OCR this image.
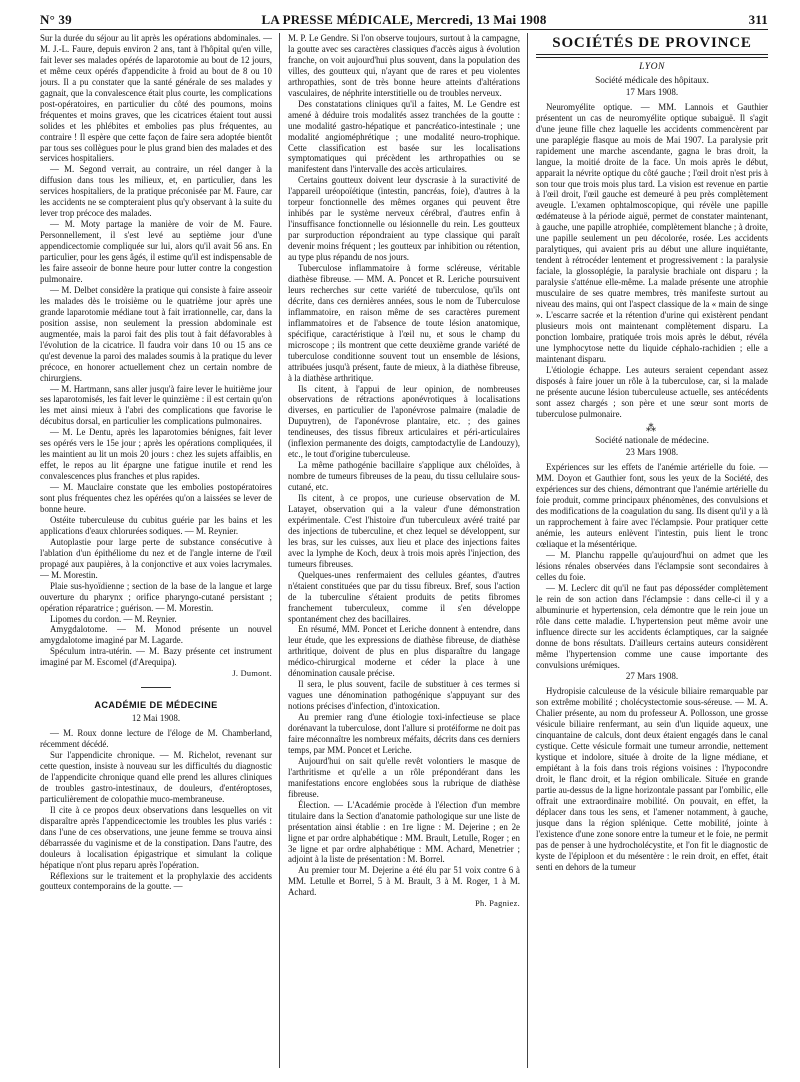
N° 39	LA PRESSE MÉDICALE, Mercredi, 13 Mai 1908	311

Sur la durée du séjour au lit après les opérations abdominales. — M. J.-L. Faure, depuis environ 2 ans, tant à l'hôpital qu'en ville, fait lever ses malades opérés de laparotomie au bout de 12 jours, et même ceux opérés d'appendicite à froid au bout de 8 ou 10 jours. Il a pu constater que la santé générale de ses malades y gagnait, que la convalescence était plus courte, les complications post-opératoires, en particulier du côté des poumons, moins fréquentes et moins graves, que les cicatrices étaient tout aussi solides et les phlébites et embolies pas plus fréquentes, au contraire ! Il espère que cette façon de faire sera adoptée bientôt par tous ses collègues pour le plus grand bien des malades et des services hospitaliers.

— M. Segond verrait, au contraire, un réel danger à la diffusion dans tous les milieux, et, en particulier, dans les services hospitaliers, de la pratique préconisée par M. Faure, car les accidents ne se compteraient plus qu'y observant à la suite du lever trop précoce des malades.

— M. Moty partage la manière de voir de M. Faure. Personnellement, il s'est levé au septième jour d'une appendicectomie compliquée sur lui, alors qu'il avait 56 ans. En particulier, pour les gens âgés, il estime qu'il est indispensable de les faire asseoir de bonne heure pour lutter contre la congestion pulmonaire.

— M. Delbet considère la pratique qui consiste à faire asseoir les malades dès le troisième ou le quatrième jour après une grande laparotomie médiane tout à fait irrationnelle, car, dans la position assise, non seulement la pression abdominale est augmentée, mais la paroi fait des plis tout à fait défavorables à l'évolution de la cicatrice. Il faudra voir dans 10 ou 15 ans ce qu'est devenue la paroi des malades soumis à la pratique du lever précoce, en honorer actuellement chez un certain nombre de chirurgiens.

— M. Hartmann, sans aller jusqu'à faire lever le huitième jour ses laparotomisés, les fait lever le quinzième : il est certain qu'on les met ainsi mieux à l'abri des complications que favorise le décubitus dorsal, en particulier les complications pulmonaires.

— M. Le Dentu, après les laparotomies bénignes, fait lever ses opérés vers le 15e jour ; après les opérations compliquées, il les maintient au lit un mois 20 jours : chez les sujets affaiblis, en effet, le repos au lit épargne une fatigue inutile et rend les convalescences plus franches et plus rapides.

— M. Mauclaire constate que les embolies postopératoires sont plus fréquentes chez les opérées qu'on a laissées se lever de bonne heure.

Ostéite tuberculeuse du cubitus guérie par les bains et les applications d'eaux chlorurées sodiques. — M. Reynier.

Autoplastie pour large perte de substance consécutive à l'ablation d'un épithéliome du nez et de l'angle interne de l'œil propagé aux paupières, à la conjonctive et aux voies lacrymales. — M. Morestin.

Plaie sus-hyoïdienne ; section de la base de la langue et large ouverture du pharynx ; orifice pharyngo-cutané persistant ; opération réparatrice ; guérison. — M. Morestin.

Lipomes du cordon. — M. Reynier.

Amygdalotome. — M. Monod présente un nouvel amygdalotome imaginé par M. Lagarde.

Spéculum intra-utérin. — M. Bazy présente cet instrument imaginé par M. Escomel (d'Arequipa).

J. Dumont.

ACADÉMIE DE MÉDECINE

12 Mai 1908.

— M. Roux donne lecture de l'éloge de M. Chamberland, récemment décédé.

Sur l'appendicite chronique. — M. Richelot, revenant sur cette question, insiste à nouveau sur les difficultés du diagnostic de l'appendicite chronique quand elle prend les allures cliniques de troubles gastro-intestinaux, de douleurs, d'entéroptoses, particulièrement de colopathie muco-membraneuse.

Il cite à ce propos deux observations dans lesquelles on vit disparaître après l'appendicectomie les troubles les plus variés : dans l'une de ces observations, une jeune femme se trouva ainsi débarrassée du vaginisme et de la constipation. Dans l'autre, des douleurs à localisation épigastrique et simulant la colique hépatique n'ont plus reparu après l'opération.

Réflexions sur le traitement et la prophylaxie des accidents goutteux contemporains de la goutte. —

M. P. Le Gendre. Si l'on observe toujours, surtout à la campagne, la goutte avec ses caractères classiques d'accès aigus à évolution franche, on voit aujourd'hui plus souvent, dans la population des villes, des goutteux qui, n'ayant que de rares et peu violentes arthropathies, sont de très bonne heure atteints d'altérations vasculaires, de néphrite interstitielle ou de troubles nerveux.

Des constatations cliniques qu'il a faites, M. Le Gendre est amené à déduire trois modalités assez tranchées de la goutte : une modalité gastro-hépatique et pancréatico-intestinale ; une modalité angioméphrétique ; une modalité neuro-trophique. Cette classification est basée sur les localisations symptomatiques qui précèdent les arthropathies ou se manifestent dans l'intervalle des accès articulaires.

Certains goutteux doivent leur dyscrasie à la suractivité de l'appareil uréopoïétique (intestin, pancréas, foie), d'autres à la torpeur fonctionnelle des mêmes organes qui peuvent être inhibés par le système nerveux cérébral, d'autres enfin à l'insuffisance fonctionnelle ou lésionnelle du rein. Les goutteux par surproduction répondraient au type classique qui paraît devenir moins fréquent ; les goutteux par inhibition ou rétention, au type plus répandu de nos jours.

Tuberculose inflammatoire à forme scléreuse, véritable diathèse fibreuse. — MM. A. Poncet et R. Leriche poursuivent leurs recherches sur cette variété de tuberculose, qu'ils ont décrite, dans ces dernières années, sous le nom de Tuberculose inflammatoire, en raison même de ses caractères purement inflammatoires et de l'absence de toute lésion anatomique, spécifique, caractéristique à l'œil nu, et sous le champ du microscope ; ils montrent que cette deuxième grande variété de tuberculose conditionne souvent tout un ensemble de lésions, attribuées jusqu'à présent, faute de mieux, à la diathèse fibreuse, à la diathèse arthritique.

Ils citent, à l'appui de leur opinion, de nombreuses observations de rétractions aponévrotiques à localisations diverses, en particulier de l'aponévrose palmaire (maladie de Dupuytren), de l'aponévrose plantaire, etc. ; des gaines tendineuses, des tissus fibreux articulaires et péri-articulaires (inflexion permanente des doigts, camptodactylie de Landouzy), etc., le tout d'origine tuberculeuse.

La même pathogénie bacillaire s'applique aux chéloïdes, à nombre de tumeurs fibreuses de la peau, du tissu cellulaire sous-cutané, etc.

Ils citent, à ce propos, une curieuse observation de M. Latayet, observation qui a la valeur d'une démonstration expérimentale. C'est l'histoire d'un tuberculeux avéré traité par des injections de tuberculine, et chez lequel se développent, sur les bras, sur les cuisses, aux lieu et place des injections faites avec la lymphe de Koch, deux à trois mois après l'injection, des tumeurs fibreuses.

Quelques-unes renfermaient des cellules géantes, d'autres n'étaient constituées que par du tissu fibreux. Bref, sous l'action de la tuberculine s'étaient produits de petits fibromes franchement tuberculeux, comme il s'en développe spontanément chez des bacillaires.

En résumé, MM. Poncet et Leriche donnent à entendre, dans leur étude, que les expressions de diathèse fibreuse, de diathèse arthritique, doivent de plus en plus disparaître du langage médico-chirurgical moderne et céder la place à une dénomination causale précise.

Il sera, le plus souvent, facile de substituer à ces termes si vagues une dénomination pathogénique s'appuyant sur des notions précises d'infection, d'intoxication.

Au premier rang d'une étiologie toxi-infectieuse se place dorénavant la tuberculose, dont l'allure si protéiforme ne doit pas faire méconnaître les nombreux méfaits, décrits dans ces derniers temps, par MM. Poncet et Leriche.

Aujourd'hui on sait qu'elle revêt volontiers le masque de l'arthritisme et qu'elle a un rôle prépondérant dans les manifestations encore englobées sous la rubrique de diathèse fibreuse.

Élection. — L'Académie procède à l'élection d'un membre titulaire dans la Section d'anatomie pathologique sur une liste de présentation ainsi établie : en 1re ligne : M. Dejerine ; en 2e ligne et par ordre alphabétique : MM. Brault, Letulle, Roger ; en 3e ligne et par ordre alphabétique : MM. Achard, Menetrier ; adjoint à la liste de présentation : M. Borrel.

Au premier tour M. Dejerine a été élu par 51 voix contre 6 à MM. Letulle et Borrel, 5 à M. Brault, 3 à M. Roger, 1 à M. Achard.

Ph. Pagniez.

SOCIÉTÉS DE PROVINCE

LYON

Société médicale des hôpitaux.

17 Mars 1908.

Neuromyélite optique. — MM. Lannois et Gauthier présentent un cas de neuromyélite optique subaiguë. Il s'agit d'une jeune fille chez laquelle les accidents commencèrent par une paraplégie flasque au mois de Mai 1907. La paralysie prit rapidement une marche ascendante, gagna le bras droit, la langue, la moitié droite de la face. Un mois après le début, apparait la névrite optique du côté gauche ; l'œil droit n'est pris à son tour que trois mois plus tard. La vision est revenue en partie à l'œil droit, l'œil gauche est demeuré à peu près complètement aveugle. L'examen ophtalmoscopique, qui révèle une papille œdémateuse à la période aiguë, permet de constater maintenant, à gauche, une papille atrophiée, complètement blanche ; à droite, une papille seulement un peu décolorée, rosée. Les accidents paralytiques, qui avaient pris au début une allure inquiétante, tendent à rétrocéder lentement et progressivement : la paralysie faciale, la glossoplégie, la paralysie brachiale ont disparu ; la paralysie s'atténue elle-même. La malade présente une atrophie musculaire de ses quatre membres, très manifeste surtout au niveau des mains, qui ont l'aspect classique de la « main de singe ». L'escarre sacrée et la rétention d'urine qui existèrent pendant plusieurs mois ont maintenant complètement disparu. La ponction lombaire, pratiquée trois mois après le début, révéla une lymphocytose nette du liquide céphalo-rachidien ; elle a maintenant disparu.

L'étiologie échappe. Les auteurs seraient cependant assez disposés à faire jouer un rôle à la tuberculose, car, si la malade ne présente aucune lésion tuberculeuse actuelle, ses antécédents sont assez chargés ; son père et une sœur sont morts de tuberculose pulmonaire.

⁂

Société nationale de médecine.

23 Mars 1908.

Expériences sur les effets de l'anémie artérielle du foie. — MM. Doyon et Gauthier font, sous les yeux de la Société, des expériences sur des chiens, démontrant que l'anémie artérielle du foie produit, comme principaux phénomènes, des convulsions et des modifications de la coagulation du sang. Ils disent qu'il y a là un rapprochement à faire avec l'éclampsie. Pour pratiquer cette anémie, les auteurs enlèvent l'intestin, puis lient le tronc cœliaque et la mésentérique.

— M. Planchu rappelle qu'aujourd'hui on admet que les lésions rénales observées dans l'éclampsie sont secondaires à celles du foie.

— M. Leclerc dit qu'il ne faut pas déposséder complètement le rein de son action dans l'éclampsie : dans celle-ci il y a albuminurie et hypertension, cela démontre que le rein joue un rôle dans cette maladie. L'hypertension peut même avoir une influence directe sur les accidents éclamptiques, car la saignée donne de bons résultats. D'ailleurs certains auteurs considèrent même l'hypertension comme une cause importante des convulsions urémiques.

27 Mars 1908.

Hydropisie calculeuse de la vésicule biliaire remarquable par son extrême mobilité ; cholécystectomie sous-séreuse. — M. A. Chalier présente, au nom du professeur A. Pollosson, une grosse vésicule biliaire renfermant, au sein d'un liquide aqueux, une cinquantaine de calculs, dont deux étaient engagés dans le canal cystique. Cette vésicule formait une tumeur arrondie, nettement kystique et indolore, située à droite de la ligne médiane, et empiétant à la fois dans trois régions voisines : l'hypocondre droit, le flanc droit, et la région ombilicale. Située en grande partie au-dessus de la ligne horizontale passant par l'ombilic, elle offrait une extraordinaire mobilité. On pouvait, en effet, la déplacer dans tous les sens, et l'amener notamment, à gauche, jusque dans la région splénique. Cette mobilité, jointe à l'existence d'une zone sonore entre la tumeur et le foie, ne permit pas de penser à une hydrocholécystite, et l'on fit le diagnostic de kyste de l'épiploon et du mésentère : le rein droit, en effet, était senti en dehors de la tumeur
